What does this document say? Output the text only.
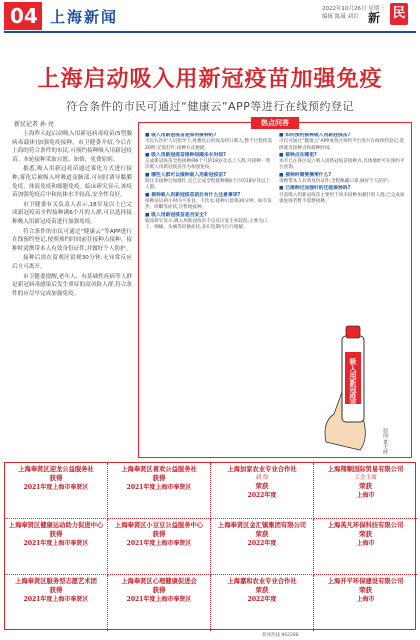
04 上海新闻	2022年10月26日 星期三
编辑 陈诚 刘岩 新 民
上海启动吸入用新冠疫苗加强免疫
符合条件的市民可通过“健康云”APP等进行在线预约登记
新民记者 孙 亮

上海昨天起启动吸入用新冠病毒疫苗(5型腺病毒载体)加强免疫接种。市卫健委介绍,今后在上海的符合条件的市民,可预约接种吸入用新冠疫苗。本轮接种采取自愿、知情、免费原则。

据悉,吸入用新冠疫苗通过雾化方式进行接种,雾化后被吸入呼吸道及肺部,可同时诱导黏膜免疫、体液免疫和细胞免疫。临床研究显示,该疫苗加强免疫后中和抗体水平较高,安全性良好。

市卫健委有关负责人表示,18岁及以上已完成新冠疫苗全程接种满6个月的人群,可以选择接种吸入用新冠疫苗进行加强免疫。

符合条件的市民可通过“健康云”等APP进行在线预约登记,按照预约时间前往接种点接种。接种时需携带本人有效身份证件,并做好个人防护。

接种后需在留观区留观30分钟,无异常反应后方可离开。

市卫健委提醒,老年人、有基础性疾病等人群是新冠病毒感染后发生重症的高风险人群,符合条件的应尽早完成加强免疫。

热点问答
■ 吸入用新冠疫苗是如何接种的?
市民在医护人员指导下,将雾化后的疫苗经口吸入,整个过程约需20秒,无需打针,接种方式便捷。
■ 吸入用新冠疫苗接种间隔多长时间?
完成新冠疫苗全程接种满6个月的18岁及以上人群,可接种一剂次吸入用新冠疫苗作为加强免疫。
■ 哪些人群可以接种吸入用新冠疫苗?
既往未接种过加强针,且已完成全程接种满6个月的18岁及以上人群。
■ 接种吸入用新冠疫苗前后有什么注意事项?
接种前后两小时内不进食、不饮水;接种后留观30分钟。如有发热、咳嗽等症状,应暂缓接种。
■ 吸入用新冠疫苗是否安全?
临床研究显示,吸入用新冠疫苗不良反应发生率较低,主要为口干、咽痛、头痛等轻微症状,多在短期内自行缓解。
■ 如何预约接种吸入用新冠疫苗?
市民可通过“健康云”APP或各区预约平台进行在线预约登记,选择就近接种点和接种时间。
■ 接种点在哪里?
本市已在各区设立吸入用新冠疫苗接种点,具体地址可在预约平台查询。
■ 接种时需要携带什么?
请携带本人有效身份证件,全程佩戴口罩,做好个人防护。
■ 已接种过加强针的还能接种吗?
目前吸入用新冠疫苗主要用于尚未接种加强针的人群,已完成加强免疫者暂不需要接种。
吸入用新冠疫苗
制图 董天晔
上海奉贤区迎龙公益服务社
获得
2021年度上海市奉贤区
上海奉贤区喜欢公益服务社
获得
2021年度上海市奉贤区
上海加家农业专业合作社
刘 俭
荣获
2022年度
上海翔顺国际贸易有限公司
工会主席
荣获
上海市
上海奉贤区健康运动助力促进中心
获得
2021年度上海市奉贤区
上海奉贤区小豆豆公益服务中心
获得
2021年度上海市奉贤区
上海奉贤区金汇镇集团有限公司
荣获
2022年度
上海英凡环保科技有限公司
荣获
上海市
上海奉贤区服务型志愿艺术团
获得
2021年度上海市奉贤区
上海奉贤区心理健康促进会
获得
2021年度上海市奉贤区
上海嘉和农业专业合作社
荣获
2022年度
上海开平环保建设有限公司
荣获
上海市
新闻热线 962288
